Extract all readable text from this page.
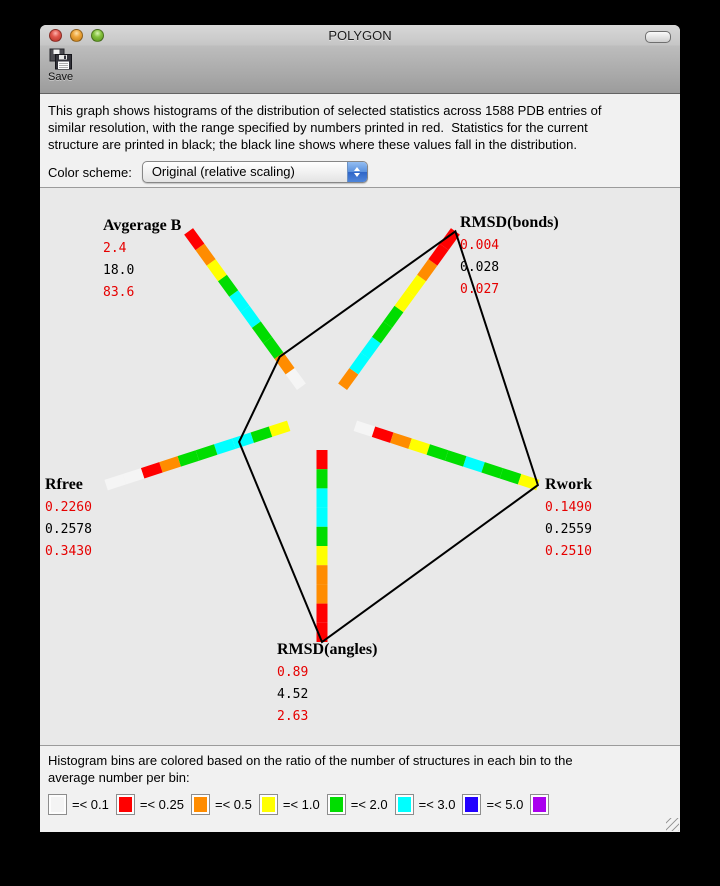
POLYGON
Save
This graph shows histograms of the distribution of selected statistics across 1588 PDB entries of
similar resolution, with the range specified by numbers printed in red.  Statistics for the current
structure are printed in black; the black line shows where these values fall in the distribution.
Color scheme:	Original (relative scaling)
Avgerage B
2.4
18.0
83.6
RMSD(bonds)
0.004
0.028
0.027
Rwork
0.1490
0.2559
0.2510
RMSD(angles)
0.89
4.52
2.63
Rfree
0.2260
0.2578
0.3430
Histogram bins are colored based on the ratio of the number of structures in each bin to the
average number per bin:
=< 0.1 =< 0.25 =< 0.5 =< 1.0 =< 2.0 =< 3.0 =< 5.0
